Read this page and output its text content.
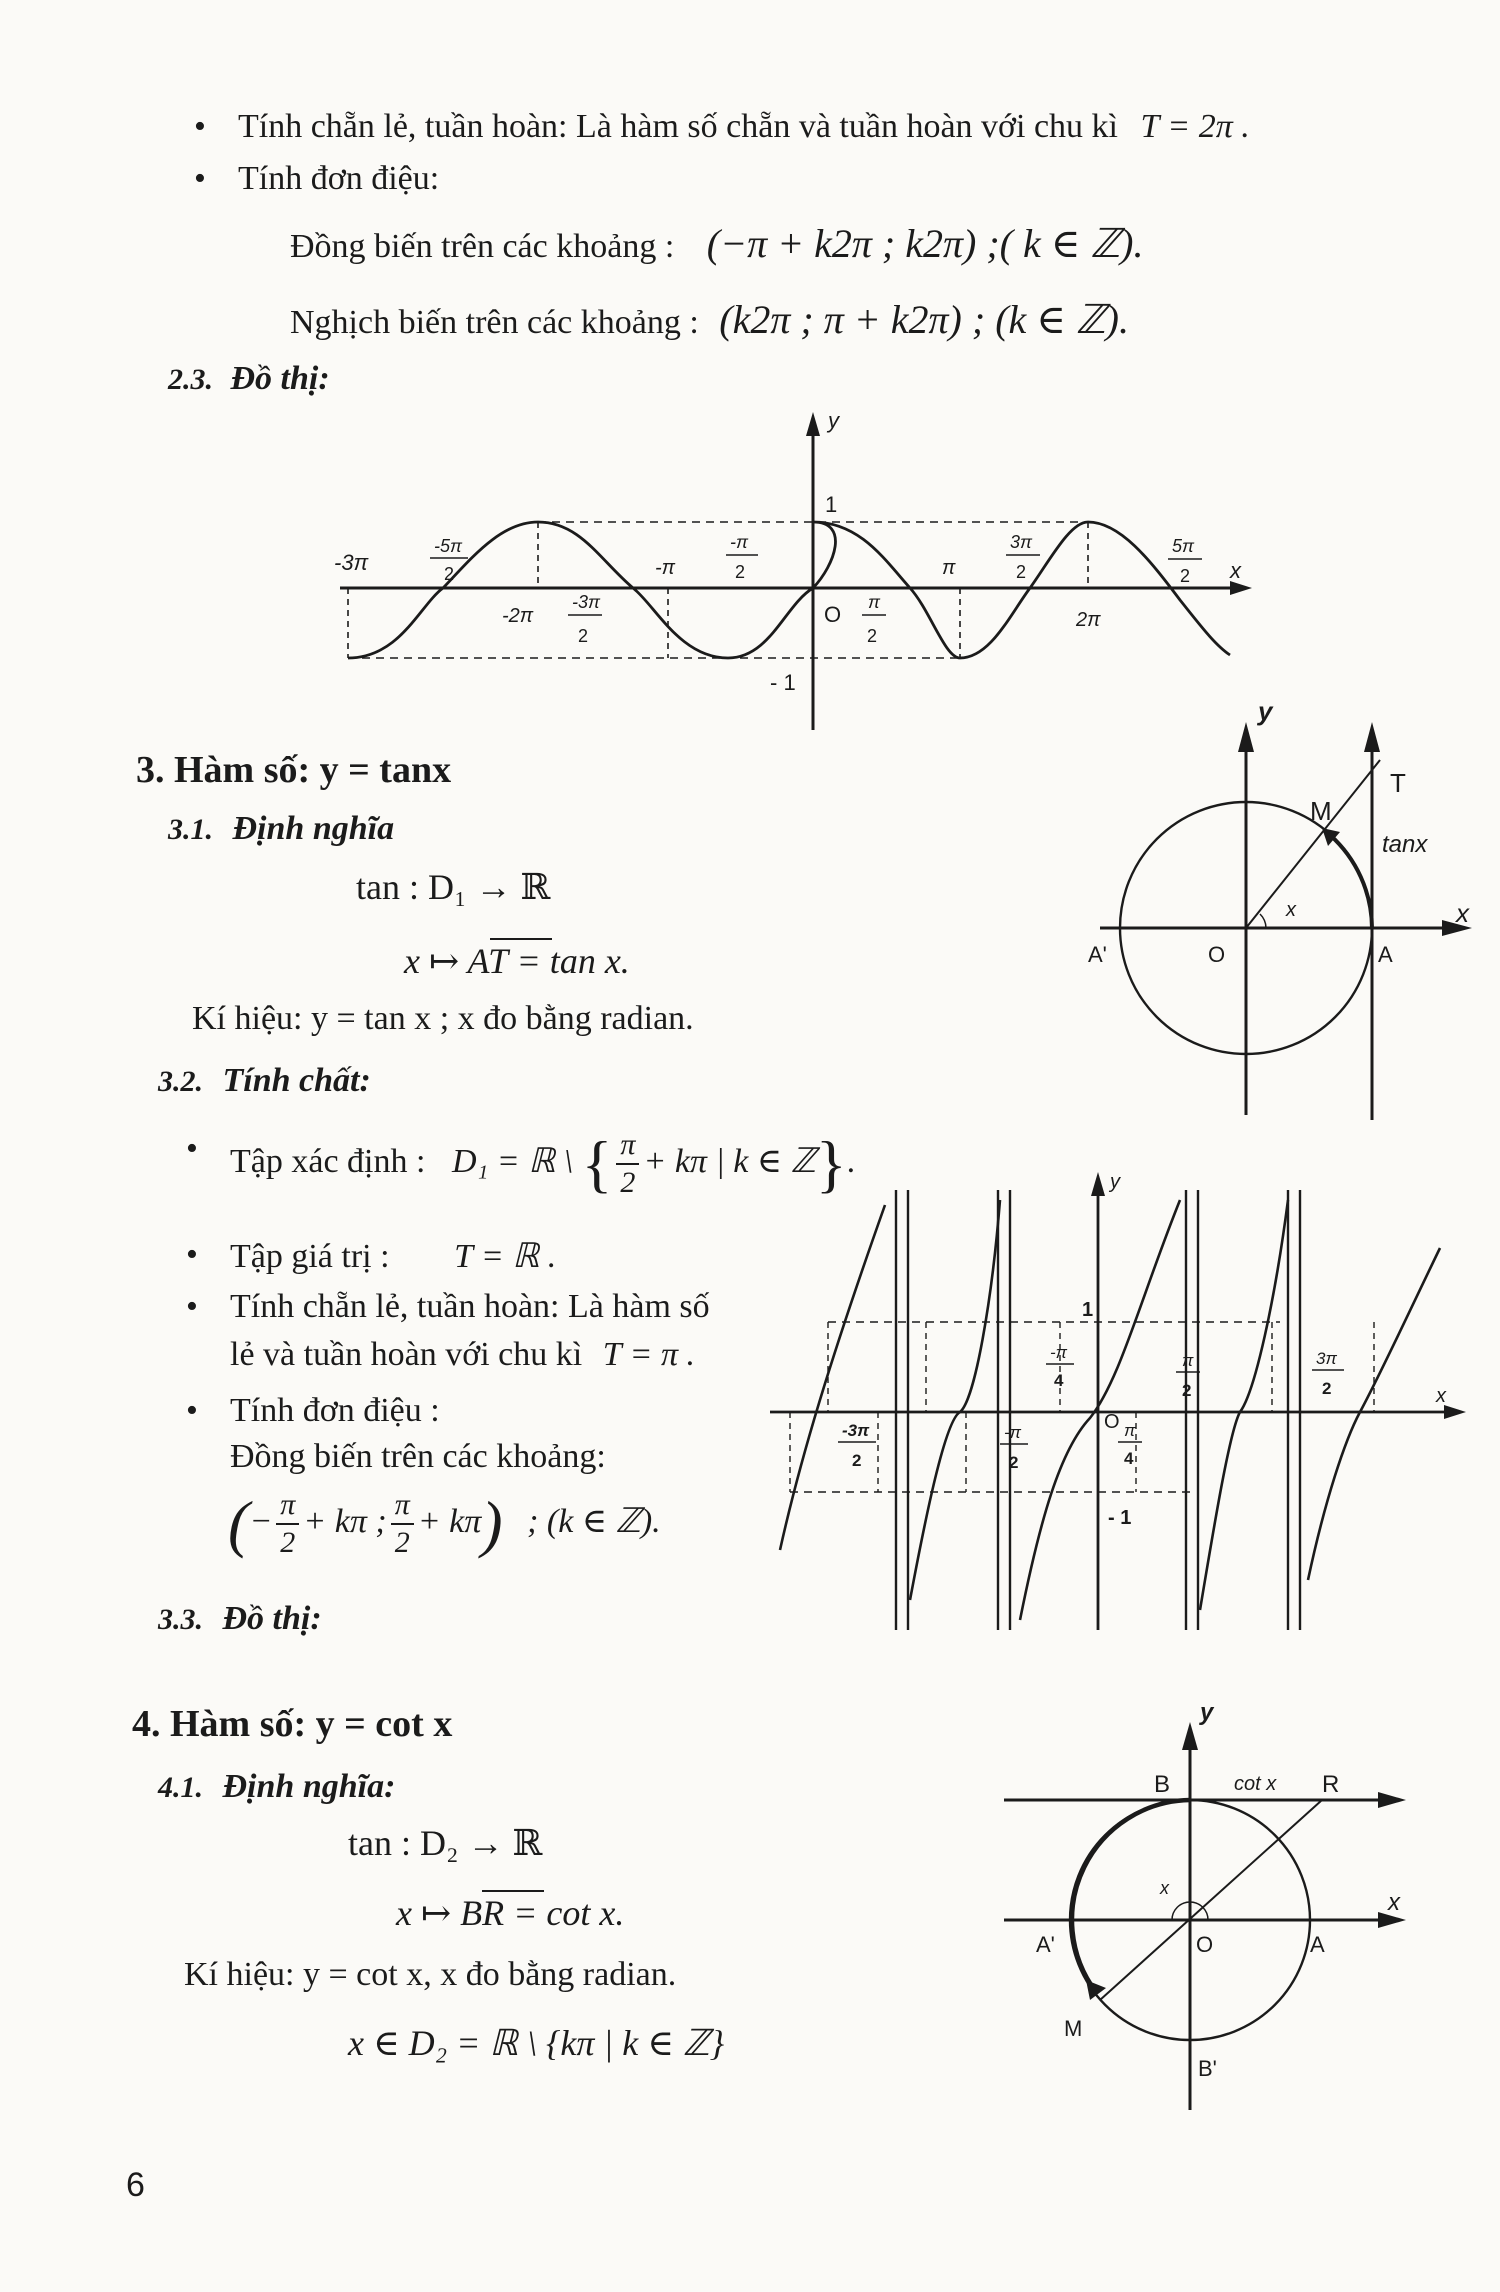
• Tính chẵn lẻ, tuần hoàn: Là hàm số chẵn và tuần hoàn với chu kì T = 2π .
• Tính đơn điệu:
Đồng biến trên các khoảng : (−π + k2π ; k2π) ;( k ∈ ℤ).
Nghịch biến trên các khoảng : (k2π ; π + k2π) ; (k ∈ ℤ).
2.3. Đồ thị:
y
x
1
- 1
O
-3π
-5π
2	-π
-π
2	π
3π
2
5π
2
-2π
-3π
2
π
2
2π
3. Hàm số: y = tanx
3.1. Định nghĩa
tan : D₁ → ℝ
x ↦ AT = tan x.
Kí hiệu: y = tan x ; x đo bằng radian.
3.2. Tính chất:
• Tập xác định : D₁ = ℝ \ { $\frac{\pi}{2} + k\pi$ | k ∈ ℤ}.
• Tập giá trị : T = ℝ .
• Tính chẵn lẻ, tuần hoàn: Là hàm số
lẻ và tuần hoàn với chu kì T = π .
• Tính đơn điệu :
Đồng biến trên các khoảng:
(− $\frac{\pi}{2} + k\pi$ ; $\frac{\pi}{2} + k\pi$) ; (k ∈ ℤ).
3.3. Đồ thị:
y
x
T
M
tanx
x
A'	O	A
y
x
1
- 1
O
-π
4
π
2
3π
2
-3π
2
-π
2
π
4
4. Hàm số: y = cot x
4.1. Định nghĩa:
tan : D₂ → ℝ
x ↦ BR = cot x.
Kí hiệu: y = cot x, x đo bằng radian.
x ∈ D₂ = ℝ \ {kπ | k ∈ ℤ}
y
x
B	cot x R
x
A'	O	A
M
B'
6
